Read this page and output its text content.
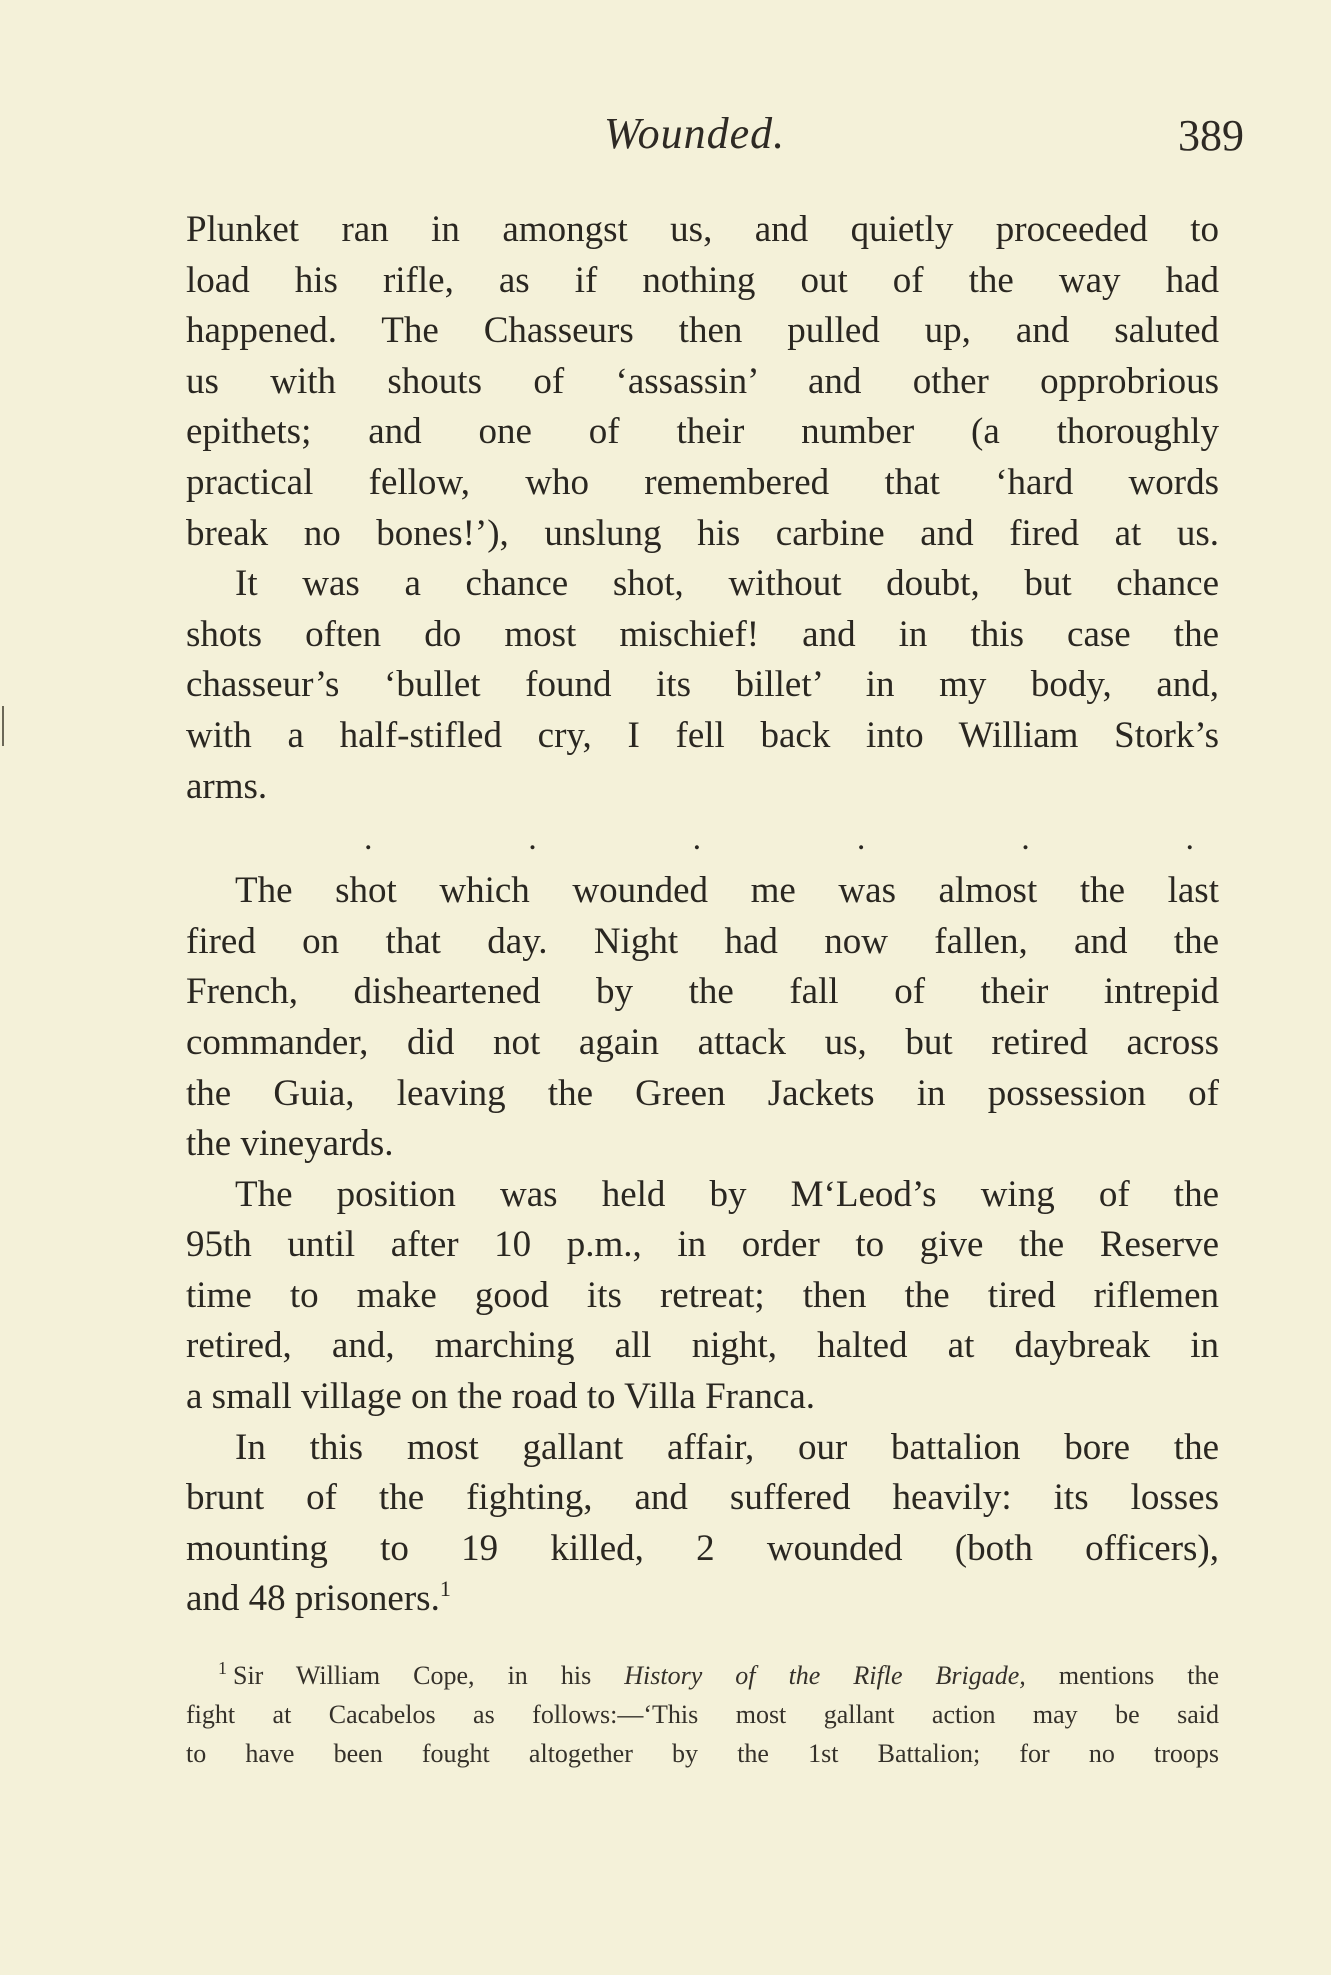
Wounded.	389
Plunket ran in amongst us, and quietly proceeded to
load his rifle, as if nothing out of the way had
happened. The Chasseurs then pulled up, and saluted
us with shouts of ‘assassin’ and other opprobrious
epithets; and one of their number (a thoroughly
practical fellow, who remembered that ‘hard words
break no bones!’), unslung his carbine and fired at us.
It was a chance shot, without doubt, but chance
shots often do most mischief! and in this case the
chasseur’s ‘bullet found its billet’ in my body, and,
with a half-stifled cry, I fell back into William Stork’s
arms.
.	.	.	.	.	.
The shot which wounded me was almost the last
fired on that day. Night had now fallen, and the
French, disheartened by the fall of their intrepid
commander, did not again attack us, but retired across
the Guia, leaving the Green Jackets in possession of
the vineyards.
The position was held by M‘Leod’s wing of the
95th until after 10 p.m., in order to give the Reserve
time to make good its retreat; then the tired riflemen
retired, and, marching all night, halted at daybreak in
a small village on the road to Villa Franca.
In this most gallant affair, our battalion bore the
brunt of the fighting, and suffered heavily: its losses
mounting to 19 killed, 2 wounded (both officers),
and 48 prisoners.$^1$
$^1$ Sir William Cope, in his History of the Rifle Brigade, mentions the
fight at Cacabelos as follows:—‘This most gallant action may be said
to have been fought altogether by the 1st Battalion; for no troops
